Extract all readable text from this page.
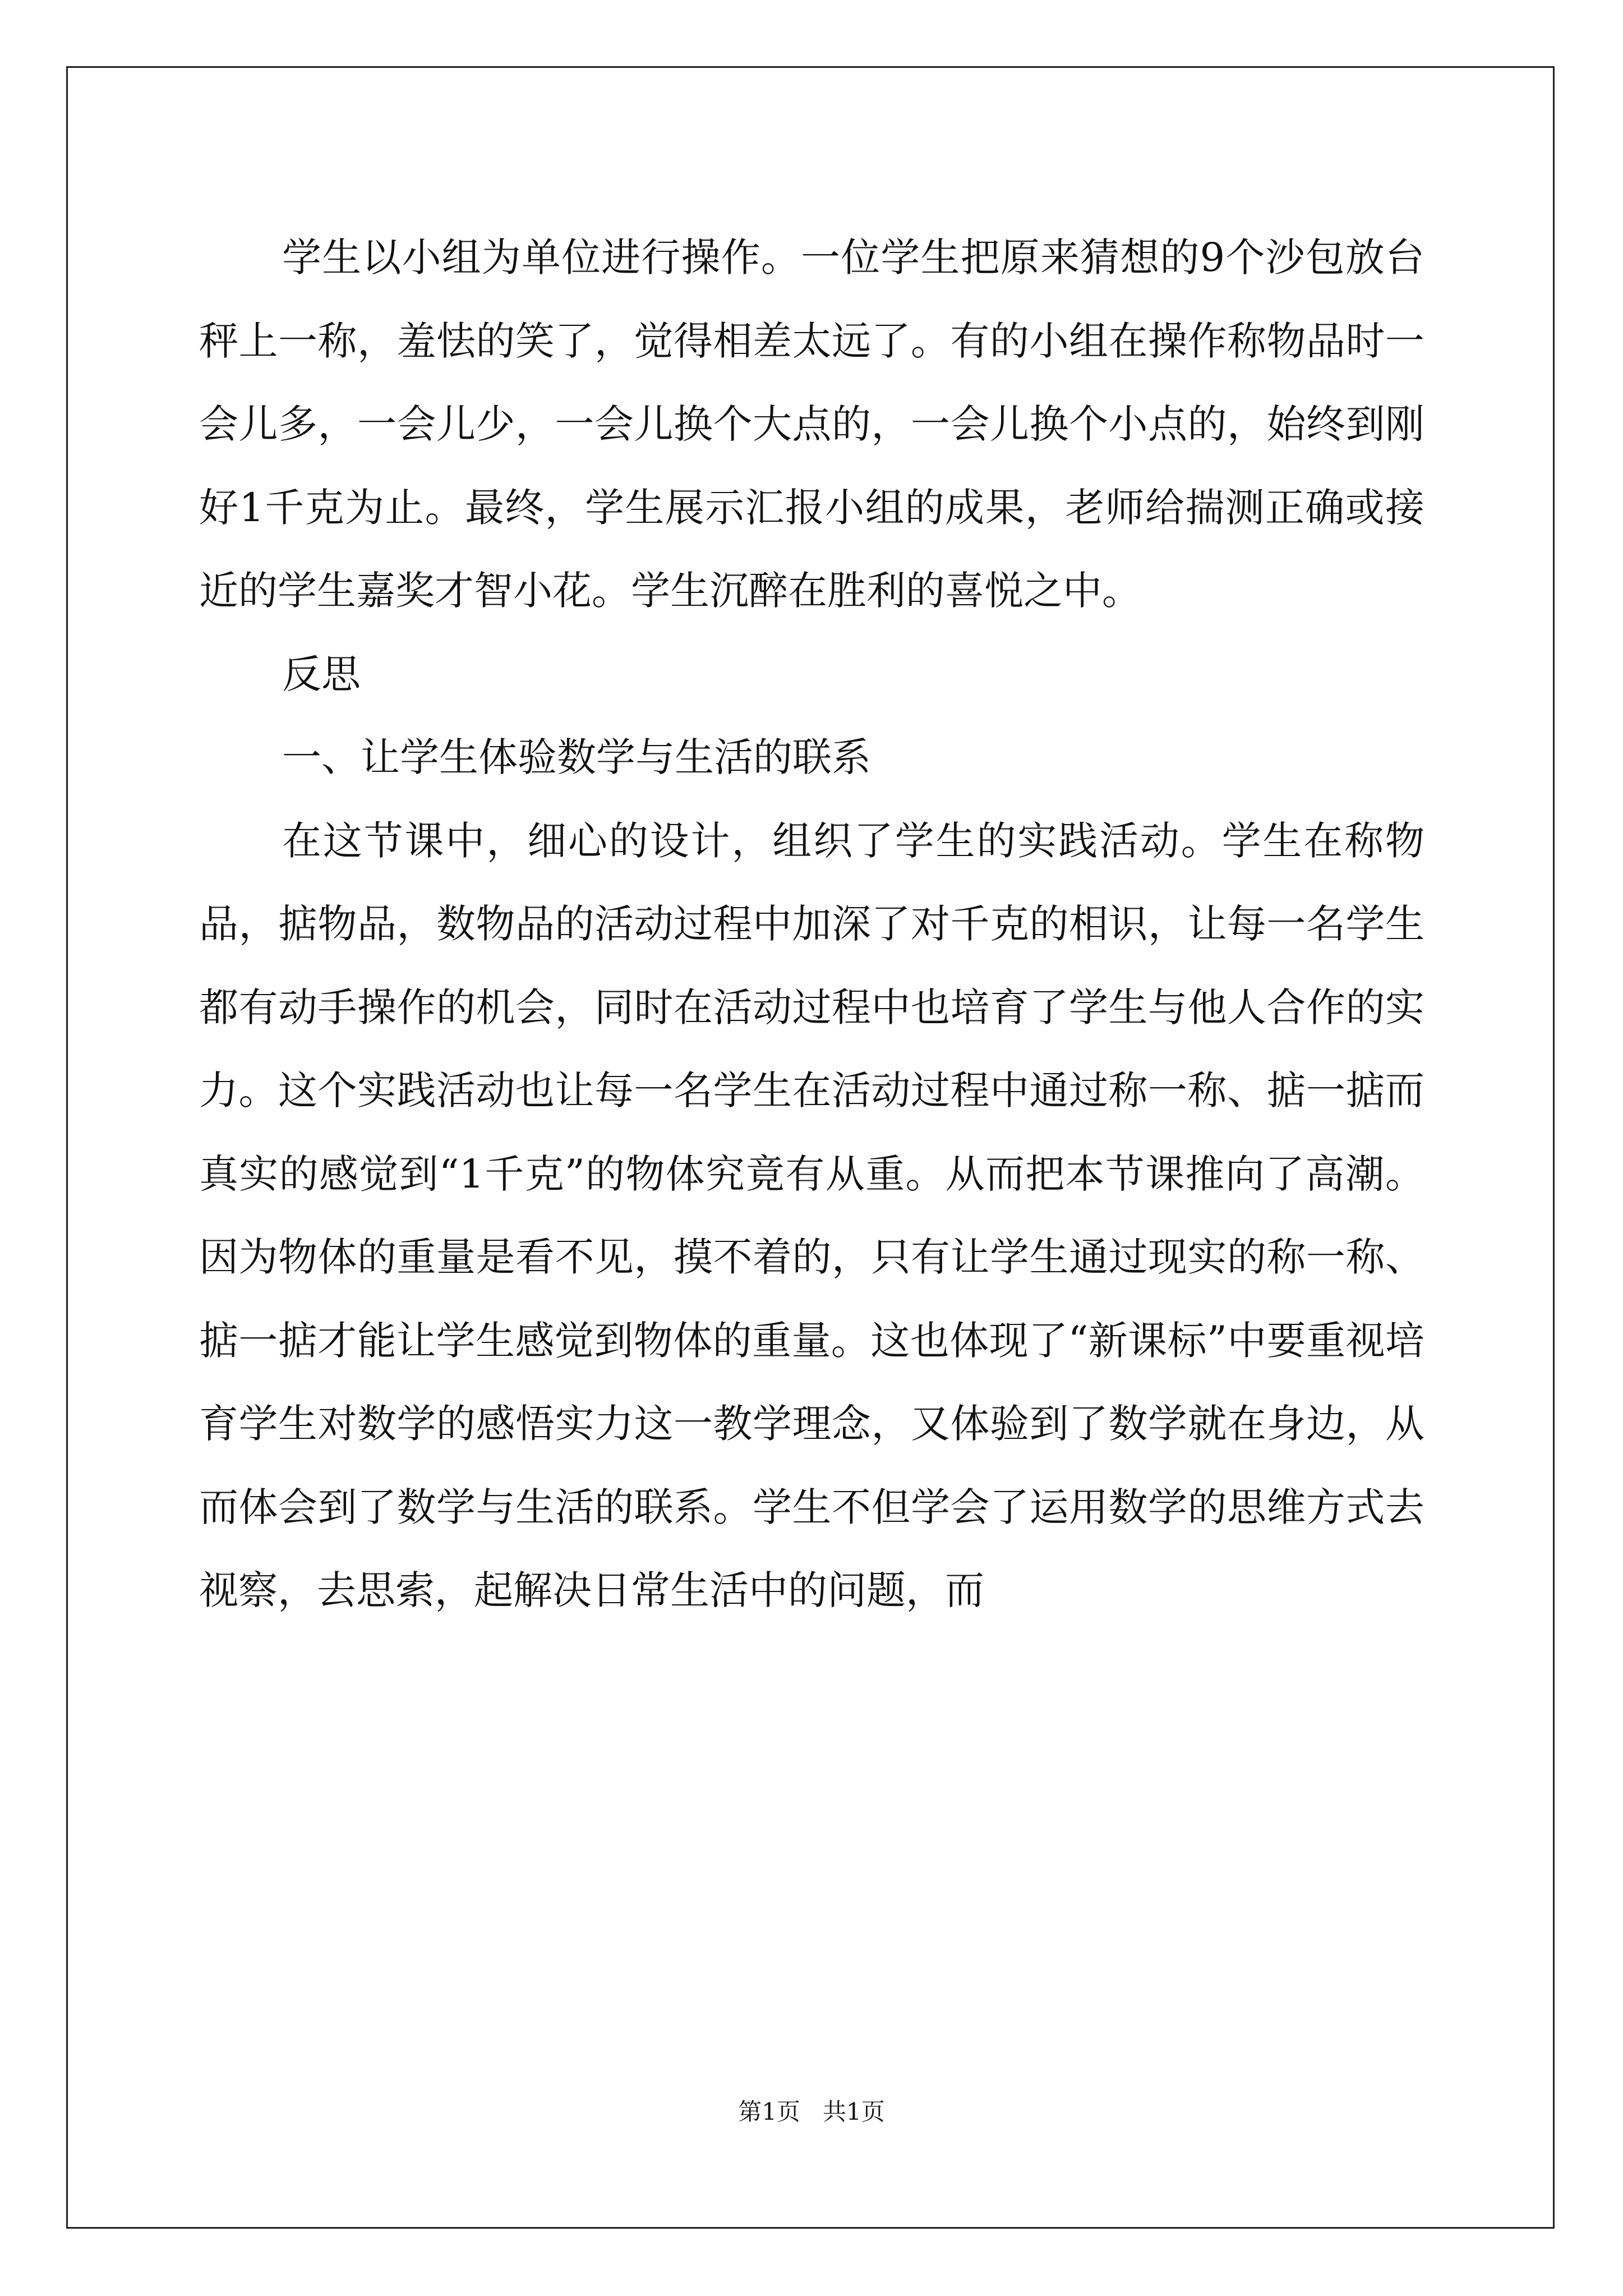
学生以小组为单位进行操作。一位学生把原来猜想的9个沙包放台秤上一称，羞怯的笑了，觉得相差太远了。有的小组在操作称物品时一会儿多，一会儿少，一会儿换个大点的，一会儿换个小点的，始终到刚好1千克为止。最终，学生展示汇报小组的成果，老师给揣测正确或接近的学生嘉奖才智小花。学生沉醉在胜利的喜悦之中。

反思

一、让学生体验数学与生活的联系

在这节课中，细心的设计，组织了学生的实践活动。学生在称物品，掂物品，数物品的活动过程中加深了对千克的相识，让每一名学生都有动手操作的机会，同时在活动过程中也培育了学生与他人合作的实力。这个实践活动也让每一名学生在活动过程中通过称一称、掂一掂而真实的感觉到“1千克”的物体究竟有从重。从而把本节课推向了高潮。因为物体的重量是看不见，摸不着的，只有让学生通过现实的称一称、掂一掂才能让学生感觉到物体的重量。这也体现了“新课标”中要重视培育学生对数学的感悟实力这一教学理念，又体验到了数学就在身边，从而体会到了数学与生活的联系。学生不但学会了运用数学的思维方式去视察，去思索，起解决日常生活中的问题，而

第1页   共1页
